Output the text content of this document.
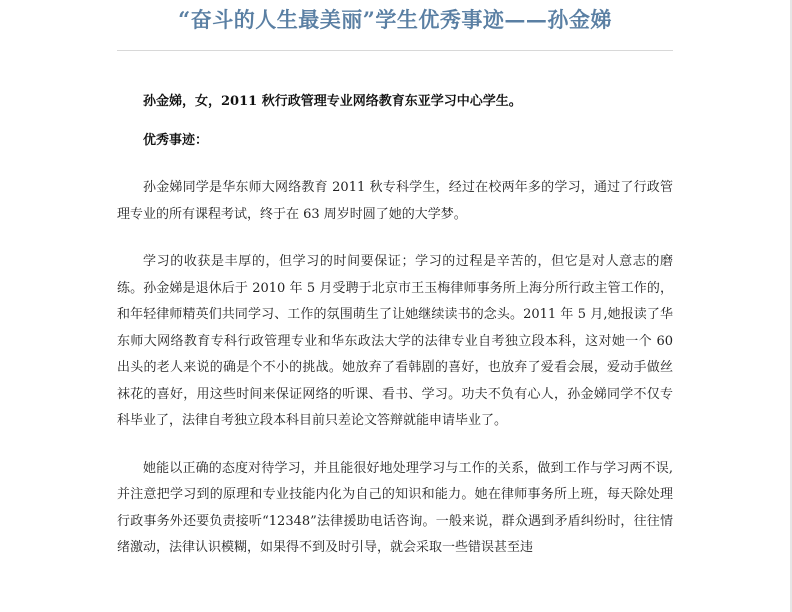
“奋斗的人生最美丽”学生优秀事迹——孙金娣

孙金娣，女，2011 秋行政管理专业网络教育东亚学习中心学生。

优秀事迹：

孙金娣同学是华东师大网络教育 2011 秋专科学生，经过在校两年多的学习，通过了行政管理专业的所有课程考试，终于在 63 周岁时圆了她的大学梦。

学习的收获是丰厚的，但学习的时间要保证；学习的过程是辛苦的，但它是对人意志的磨练。孙金娣是退休后于 2010 年 5 月受聘于北京市王玉梅律师事务所上海分所行政主管工作的，和年轻律师精英们共同学习、工作的氛围萌生了让她继续读书的念头。2011 年 5 月,她报读了华东师大网络教育专科行政管理专业和华东政法大学的法律专业自考独立段本科，这对她一个 60 出头的老人来说的确是个不小的挑战。她放弃了看韩剧的喜好，也放弃了爱看会展，爱动手做丝袜花的喜好，用这些时间来保证网络的听课、看书、学习。功夫不负有心人，孙金娣同学不仅专科毕业了，法律自考独立段本科目前只差论文答辩就能申请毕业了。

她能以正确的态度对待学习，并且能很好地处理学习与工作的关系，做到工作与学习两不误,并注意把学习到的原理和专业技能内化为自己的知识和能力。她在律师事务所上班，每天除处理行政事务外还要负责接听“12348”法律援助电话咨询。一般来说，群众遇到矛盾纠纷时，往往情绪激动，法律认识模糊，如果得不到及时引导，就会采取一些错误甚至违
